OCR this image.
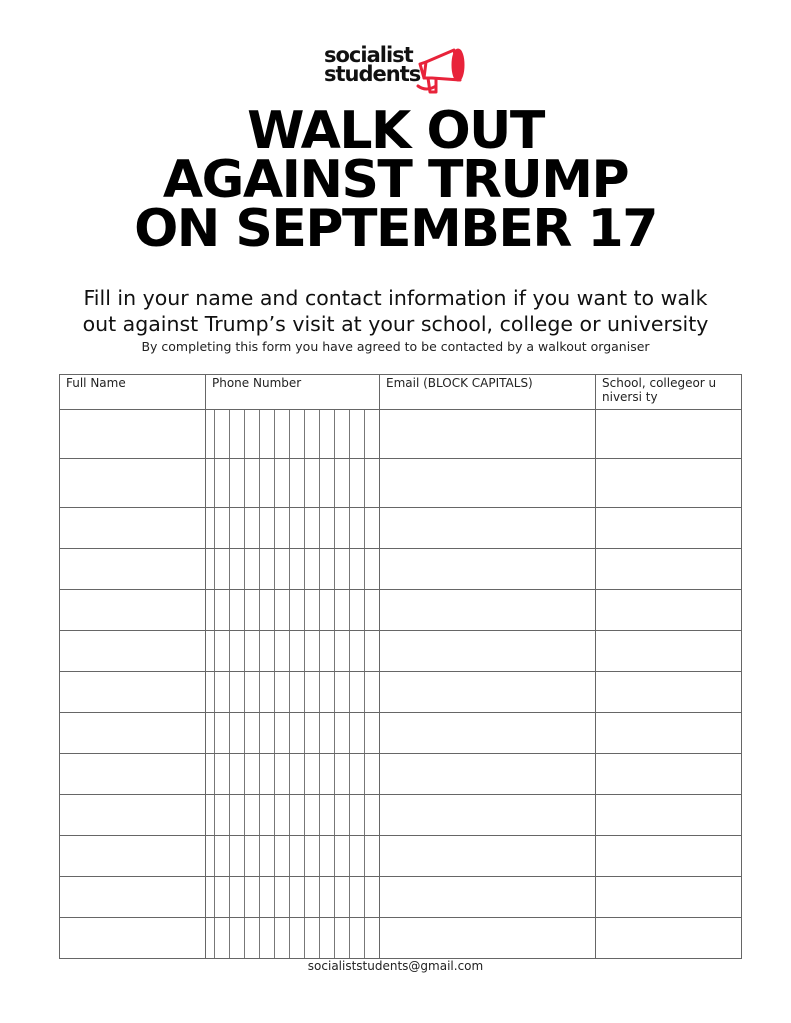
socialist
students
WALK OUT
AGAINST TRUMP
ON SEPTEMBER 17
Fill in your name and contact information if you want to walk
out against Trump’s visit at your school, college or university
By completing this form you have agreed to be contacted by a walkout organiser
Full Name	Phone Number	Email (BLOCK CAPITALS)	School, collegeor u niversi ty

socialiststudents@gmail.com
